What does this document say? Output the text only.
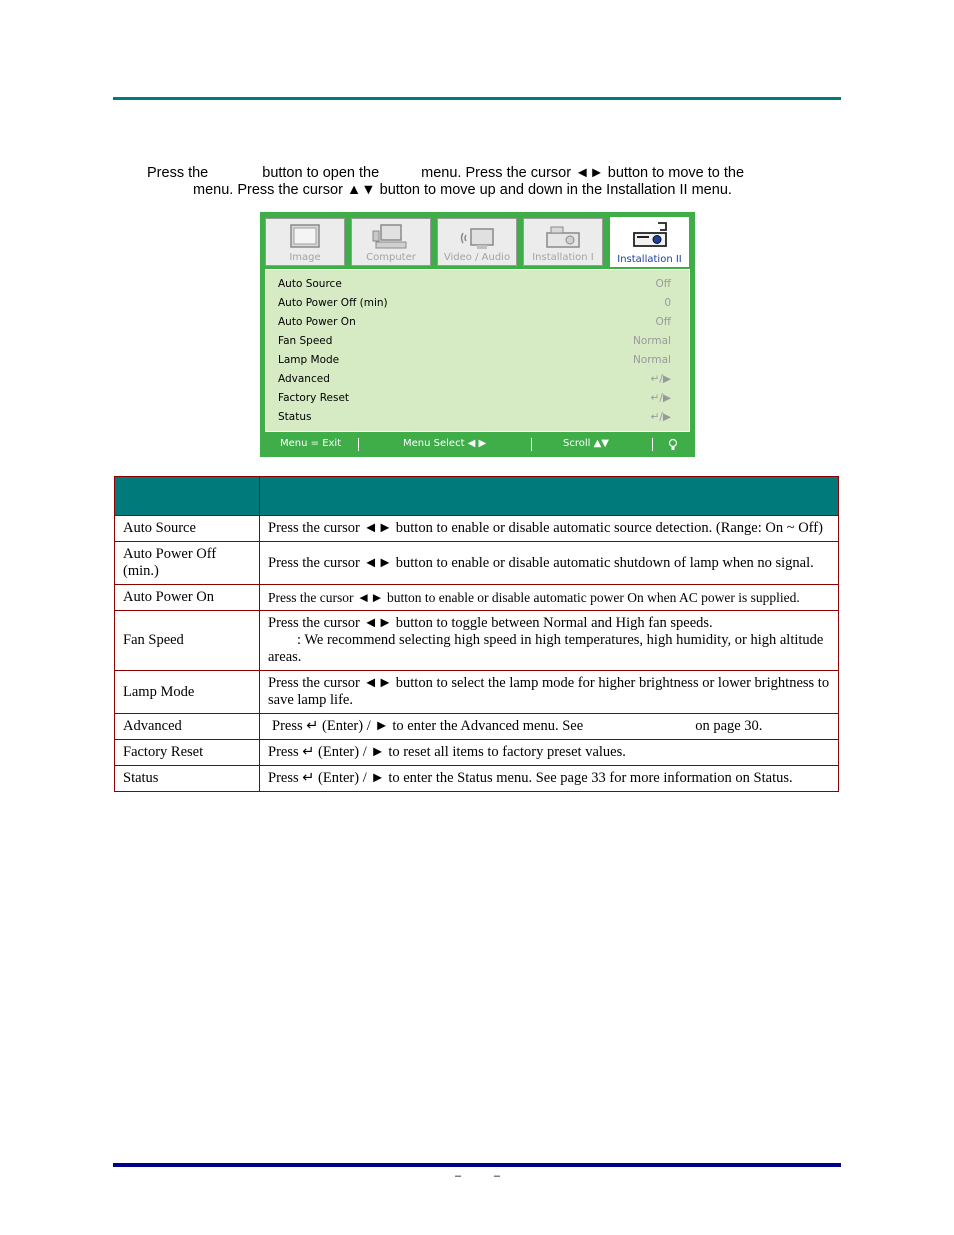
Press the	button to open the	menu. Press the cursor ◄► button to move to the
menu. Press the cursor ▲▼ button to move up and down in the Installation II menu.
Image	Computer	Video / Audio	Installation I	Installation II
Auto Source	Off
Auto Power Off (min)	0
Auto Power On	Off
Fan Speed	Normal
Lamp Mode	Normal
Advanced	↵/▶
Factory Reset	↵/▶
Status	↵/▶
Menu = Exit	Menu Select ◀ ▶	Scroll ▲▼

Auto Source	Press the cursor ◄► button to enable or disable automatic source detection. (Range: On ~ Off)
Auto Power Off (min.)	Press the cursor ◄► button to enable or disable automatic shutdown of lamp when no signal.
Auto Power On	Press the cursor ◄► button to enable or disable automatic power On when AC power is supplied.
Fan Speed	Press the cursor ◄► button to toggle between Normal and High fan speeds.
: We recommend selecting high speed in high temperatures, high humidity, or high altitude areas.

Lamp Mode	Press the cursor ◄► button to select the lamp mode for higher brightness or lower brightness to save lamp life.
Advanced	Press ↵ (Enter) / ► to enter the Advanced menu. See on page 30.
Factory Reset	Press ↵ (Enter) / ► to reset all items to factory preset values.
Status	Press ↵ (Enter) / ► to enter the Status menu. See page 33 for more information on Status.
–	–
